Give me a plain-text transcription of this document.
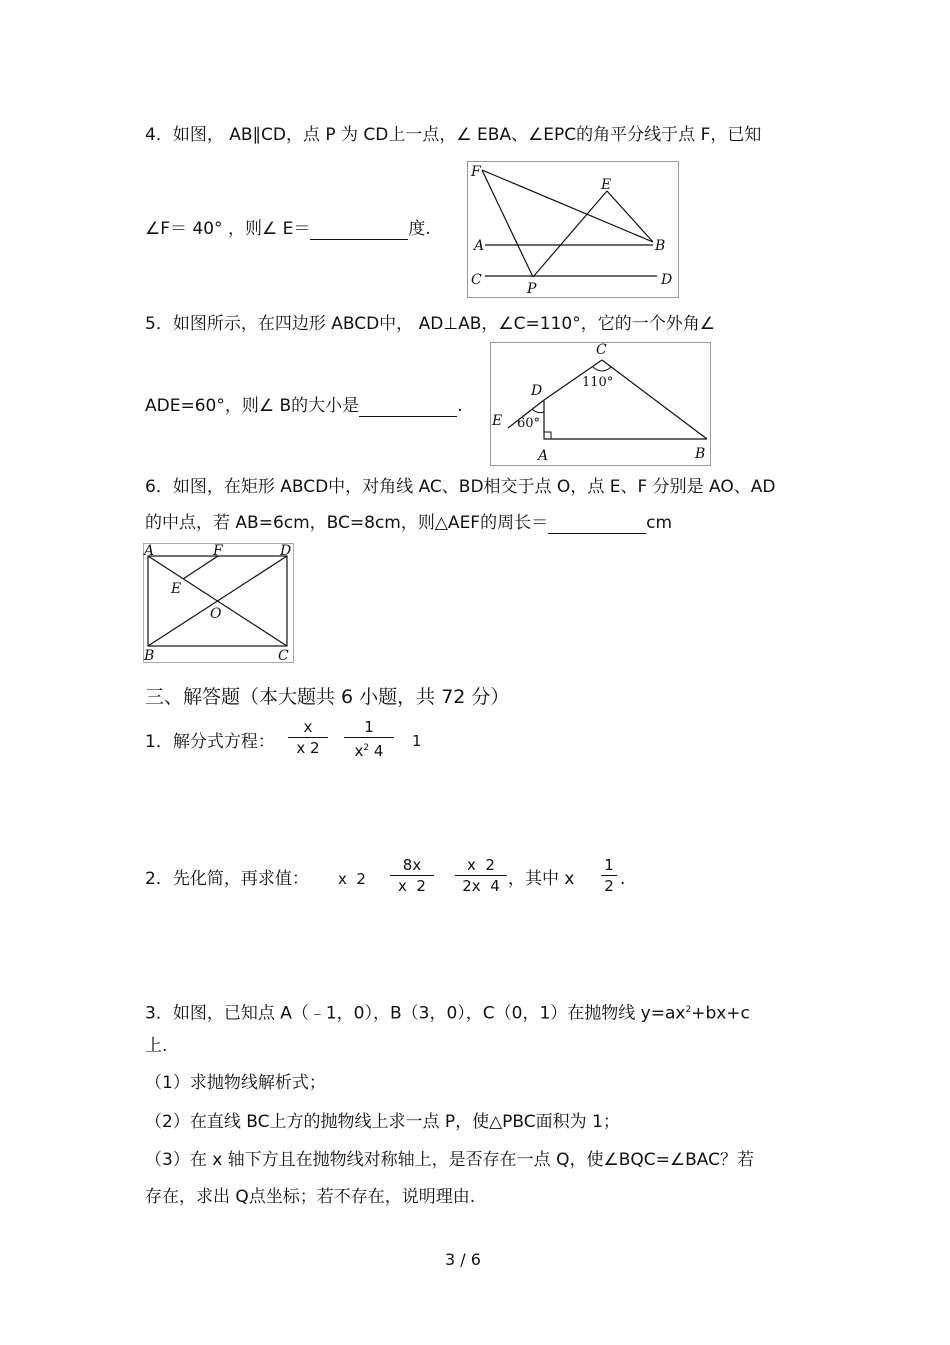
4．如图， AB∥CD，点 P 为 CD上一点，∠ EBA、∠EPC的角平分线于点 F，已知
∠F＝ 40° ，则∠ E＝	度.
F
E
A	B
C	D
P
5．如图所示，在四边形 ABCD中， AD⊥AB，∠C=110°，它的一个外角∠
ADE=60°，则∠ B的大小是	.
C
D
E
A	B
110°
60°
6．如图，在矩形 ABCD中，对角线 AC、BD相交于点 O，点 E、F 分别是 AO、AD
的中点，若 AB=6cm，BC=8cm，则△AEF的周长＝	cm
A	F	D
E
O
B	C
三、解答题（本大题共 6 小题，共 72 分）
1．解分式方程：
x
x 2
1
$x^2$ 4
1
2．先化简，再求值： x  2
8x
x  2
x  2
2x  4 ，其中 x
1
2 .
3．如图，已知点 A（﹣1，0），B（3，0），C（0，1）在抛物线 $y=ax^2+bx+c$
上.
（1）求抛物线解析式；
（2）在直线 BC上方的抛物线上求一点 P，使△PBC面积为 1；
（3）在 x 轴下方且在抛物线对称轴上，是否存在一点 Q，使∠BQC=∠BAC？若
存在，求出 Q点坐标；若不存在，说明理由.
3 / 6
